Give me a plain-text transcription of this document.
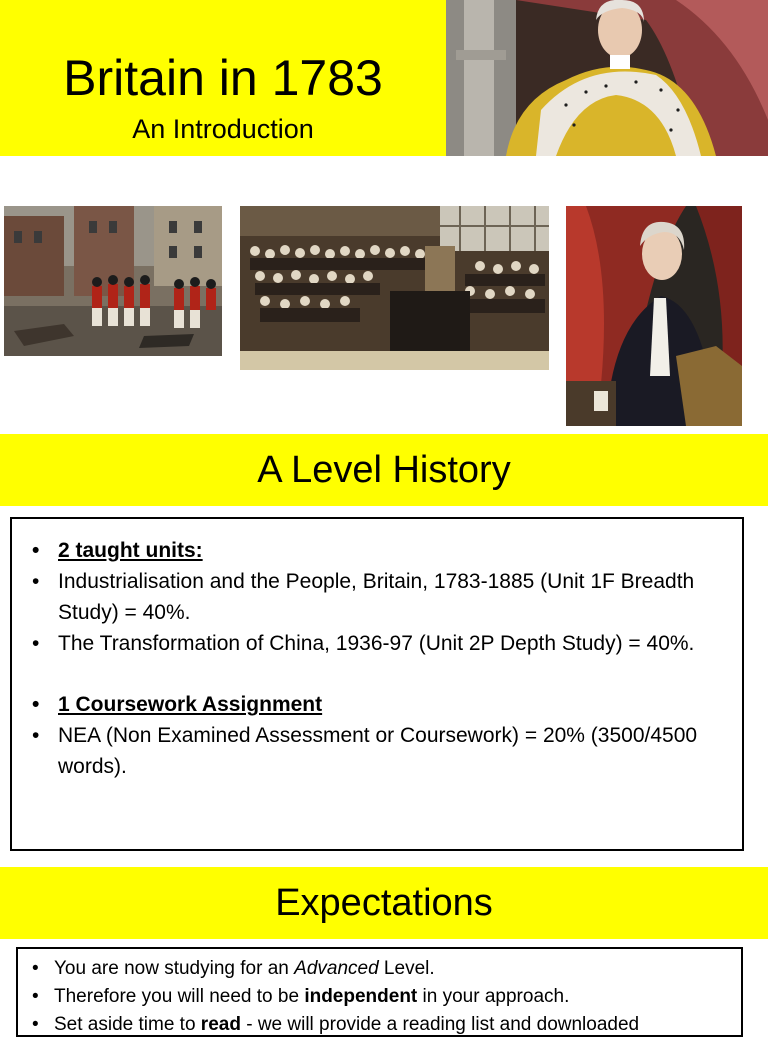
Britain in 1783
An Introduction
A Level History
• 2 taught units:
• Industrialisation and the People, Britain, 1783-1885 (Unit 1F Breadth Study) = 40%.
• The Transformation of China, 1936-97 (Unit 2P Depth Study) = 40%.
• 1 Coursework Assignment
• NEA (Non Examined Assessment or Coursework) = 20% (3500/4500 words).
Expectations
• You are now studying for an Advanced Level.
• Therefore you will need to be independent in your approach.
• Set aside time to read - we will provide a reading list and downloaded
